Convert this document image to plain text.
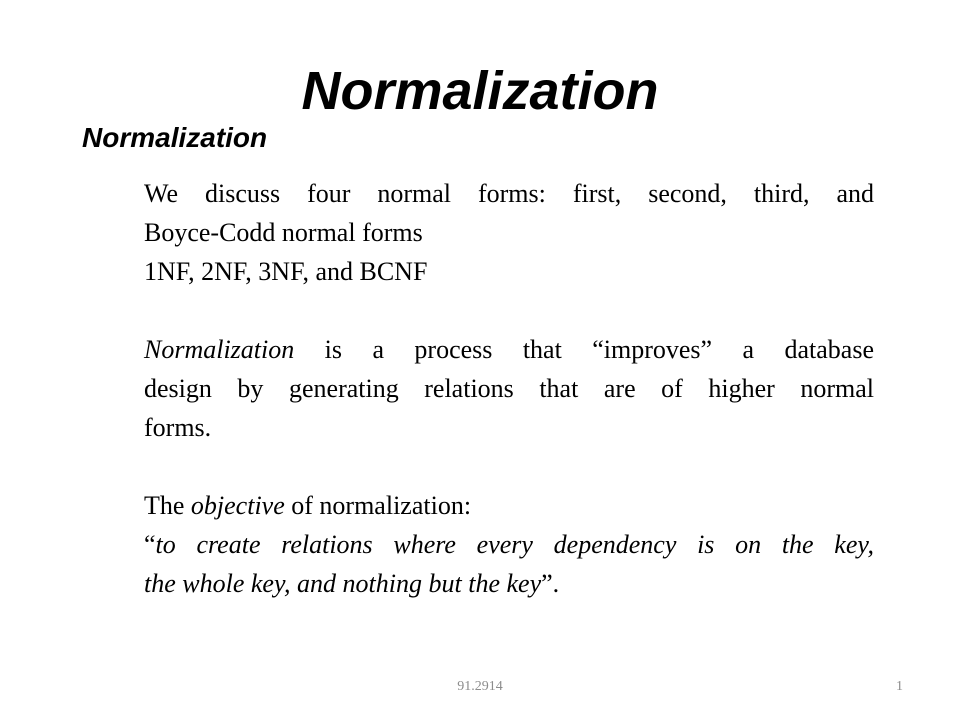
Normalization
Normalization

We discuss four normal forms: first, second, third, and

Boyce-Codd normal forms

1NF, 2NF, 3NF, and BCNF

Normalization is a process that “improves” a database

design by generating relations that are of higher normal

forms.

The objective of normalization:

“to create relations where every dependency is on the key,

the whole key, and nothing but the key”.

91.2914	1
